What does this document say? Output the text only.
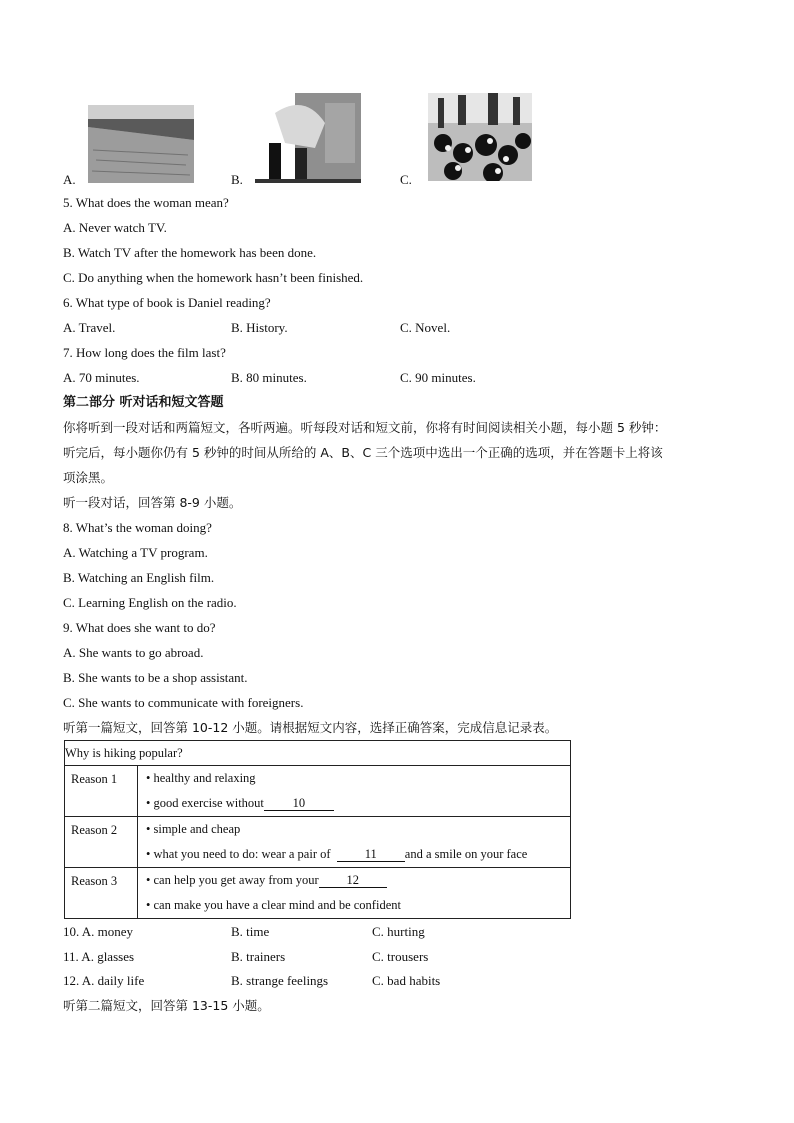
A.	B.	C.
5. What does the woman mean?
A. Never watch TV.
B. Watch TV after the homework has been done.
C. Do anything when the homework hasn’t been finished.
6. What type of book is Daniel reading?
A. Travel.	B. History.	C. Novel.
7. How long does the film last?
A. 70 minutes.	B. 80 minutes.	C. 90 minutes.
第二部分 听对话和短文答题
你将听到一段对话和两篇短文，各听两遍。听每段对话和短文前，你将有时间阅读相关小题，每小题 5 秒钟：
听完后，每小题你仍有 5 秒钟的时间从所给的 A、B、C 三个选项中选出一个正确的选项，并在答题卡上将该
项涂黑。
听一段对话，回答第 8-9 小题。
8. What’s the woman doing?
A. Watching a TV program.
B. Watching an English film.
C. Learning English on the radio.
9. What does she want to do?
A. She wants to go abroad.
B. She wants to be a shop assistant.
C. She wants to communicate with foreigners.
听第一篇短文，回答第 10-12 小题。请根据短文内容，选择正确答案，完成信息记录表。
Why is hiking popular?	
Reason 1	• healthy and relaxing
• good exercise without 10

Reason 2	• simple and cheap
• what you need to do: wear a pair of 11 and a smile on your face

Reason 3	• can help you get away from your 12
• can make you have a clear mind and be confident
10. A. money	B. time	C. hurting
11. A. glasses	B. trainers	C. trousers
12. A. daily life	B. strange feelings	C. bad habits
听第二篇短文，回答第 13-15 小题。
